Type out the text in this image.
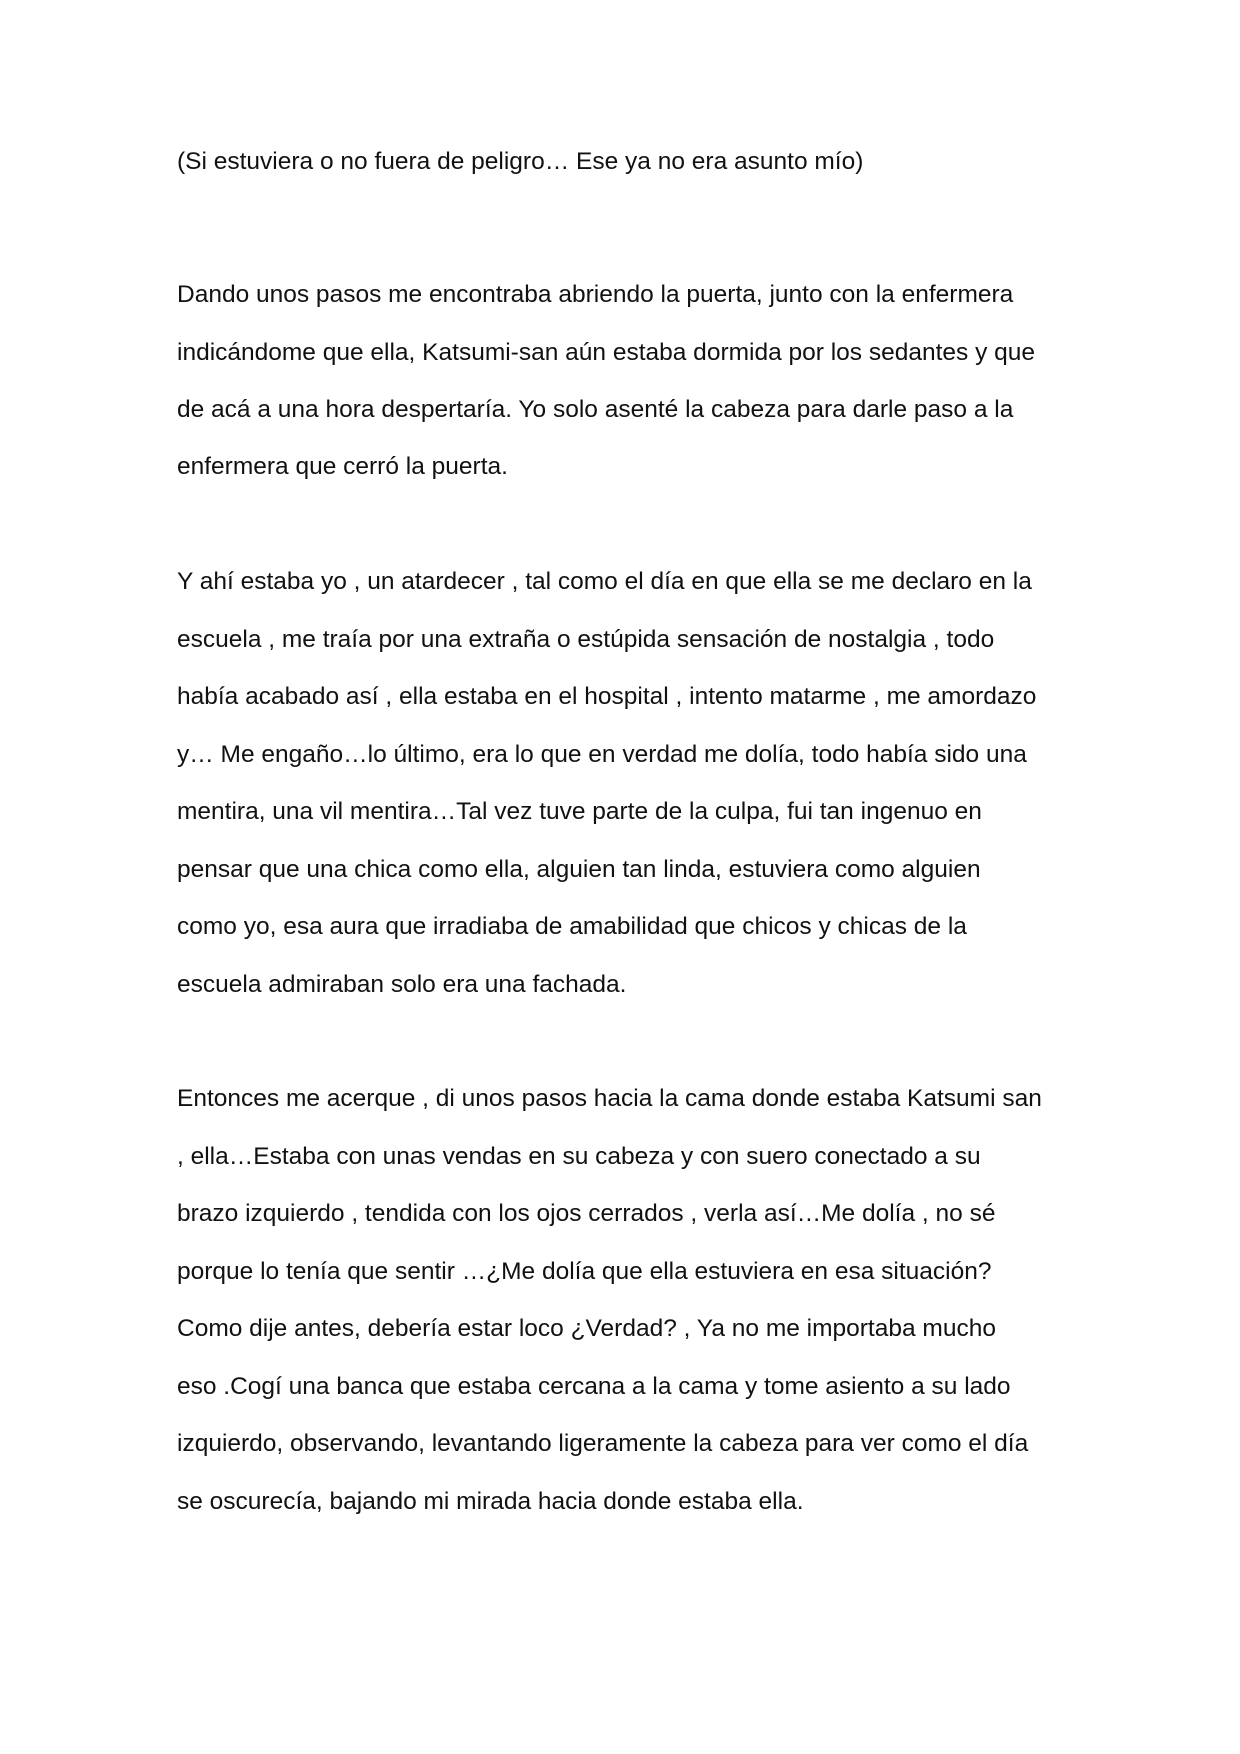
(Si estuviera o no fuera de peligro… Ese ya no era asunto mío)

Dando unos pasos me encontraba abriendo la puerta, junto con la enfermera

indicándome que ella, Katsumi-san aún estaba dormida por los sedantes y que

de acá a una hora despertaría. Yo solo asenté la cabeza para darle paso a la

enfermera que cerró la puerta.

Y ahí estaba yo , un atardecer , tal como el día en que ella se me declaro en la

escuela , me traía por una extraña o estúpida sensación de nostalgia , todo

había acabado así , ella estaba en el hospital , intento matarme , me amordazo

y… Me engaño…lo último, era lo que en verdad me dolía, todo había sido una

mentira, una vil mentira…Tal vez tuve parte de la culpa, fui tan ingenuo en

pensar que una chica como ella, alguien tan linda, estuviera como alguien

como yo, esa aura que irradiaba de amabilidad que chicos y chicas de la

escuela admiraban solo era una fachada.

Entonces me acerque , di unos pasos hacia la cama donde estaba Katsumi san

, ella…Estaba con unas vendas en su cabeza y con suero conectado a su

brazo izquierdo , tendida con los ojos cerrados , verla así…Me dolía , no sé

porque lo tenía que sentir …¿Me dolía que ella estuviera en esa situación?

Como dije antes, debería estar loco ¿Verdad? , Ya no me importaba mucho

eso .Cogí una banca que estaba cercana a la cama y tome asiento a su lado

izquierdo, observando, levantando ligeramente la cabeza para ver como el día

se oscurecía, bajando mi mirada hacia donde estaba ella.
